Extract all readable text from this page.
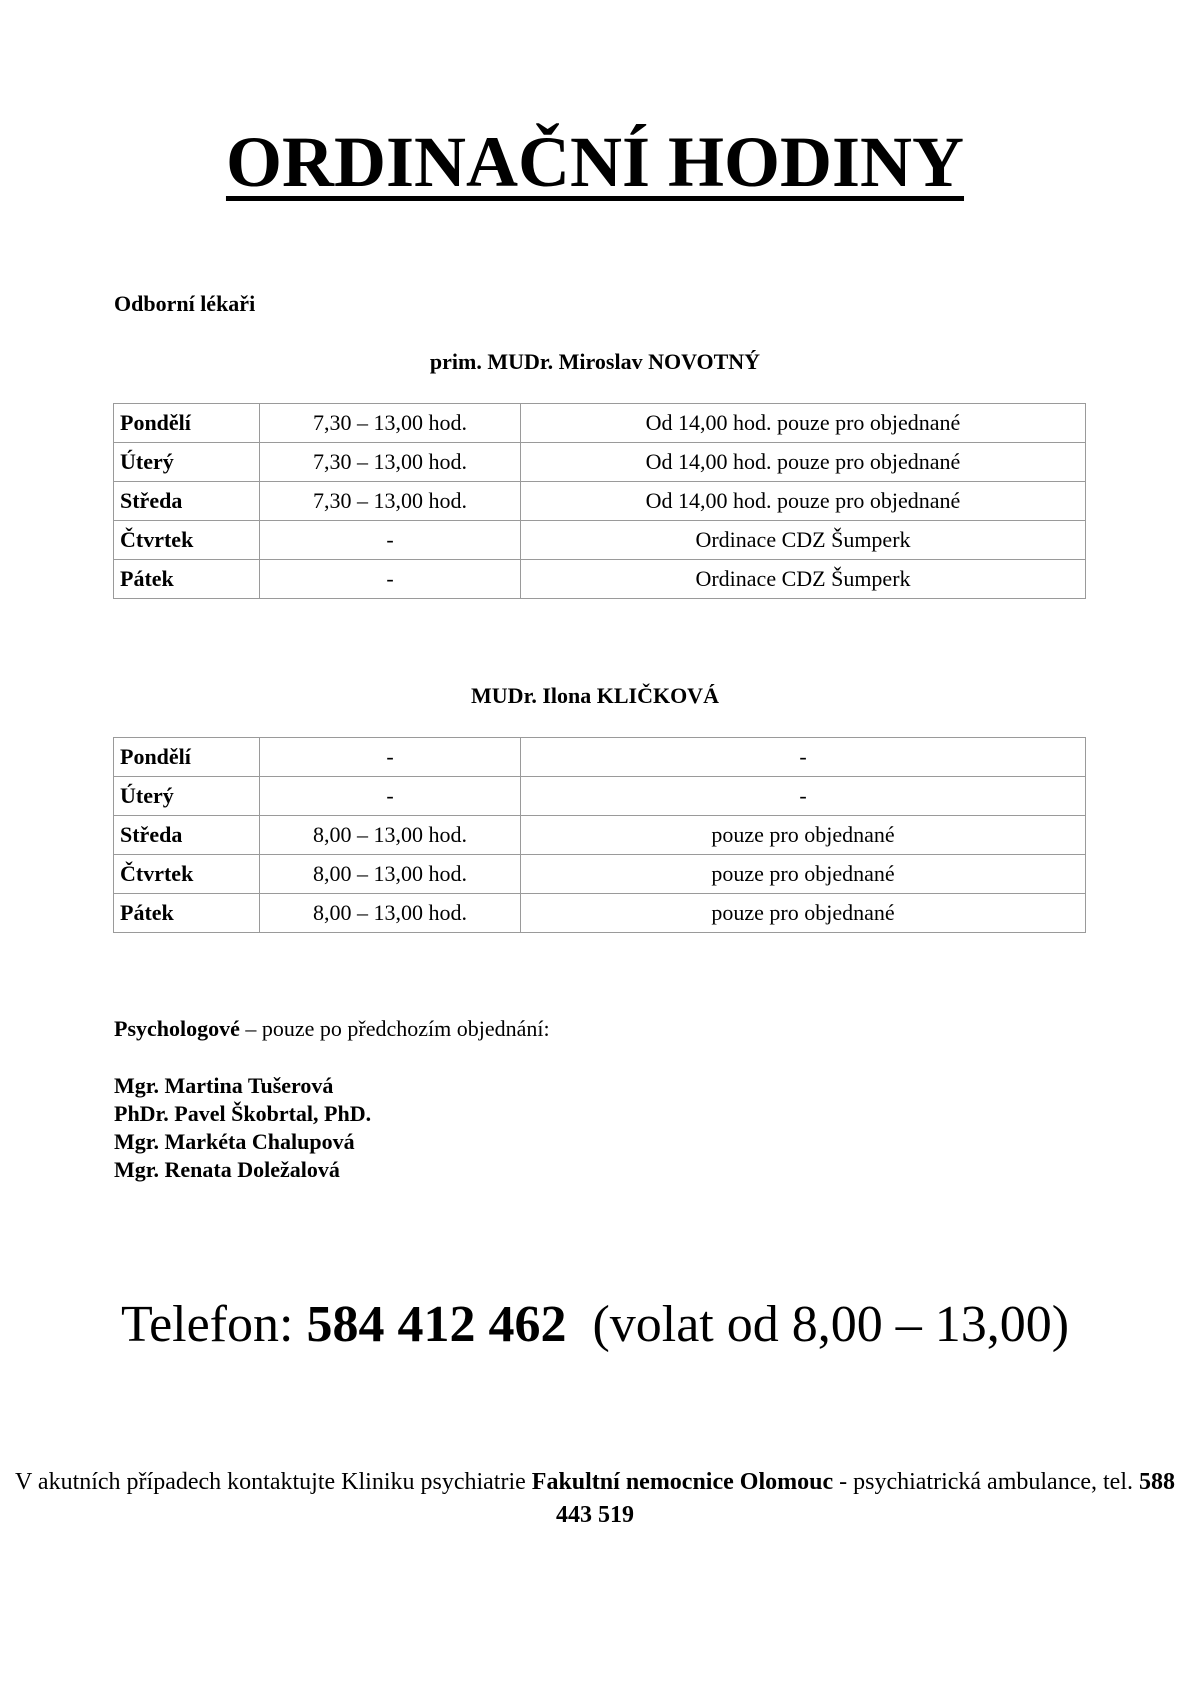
ORDINAČNÍ HODINY

Odborní lékaři

prim. MUDr. Miroslav NOVOTNÝ

Pondělí	7,30 – 13,00 hod.	Od 14,00 hod. pouze pro objednané
Úterý	7,30 – 13,00 hod.	Od 14,00 hod. pouze pro objednané
Středa	7,30 – 13,00 hod.	Od 14,00 hod. pouze pro objednané
Čtvrtek	-	Ordinace CDZ Šumperk
Pátek	-	Ordinace CDZ Šumperk

MUDr. Ilona KLIČKOVÁ

Pondělí	-	-
Úterý	-	-
Středa	8,00 – 13,00 hod.	pouze pro objednané
Čtvrtek	8,00 – 13,00 hod.	pouze pro objednané
Pátek	8,00 – 13,00 hod.	pouze pro objednané

Psychologové – pouze po předchozím objednání:

Mgr. Martina Tušerová
PhDr. Pavel Škobrtal, PhD.
Mgr. Markéta Chalupová
Mgr. Renata Doležalová

Telefon: 584 412 462  (volat od 8,00 – 13,00)

V akutních případech kontaktujte Kliniku psychiatrie Fakultní nemocnice Olomouc - psychiatrická ambulance, tel. 588 443 519
